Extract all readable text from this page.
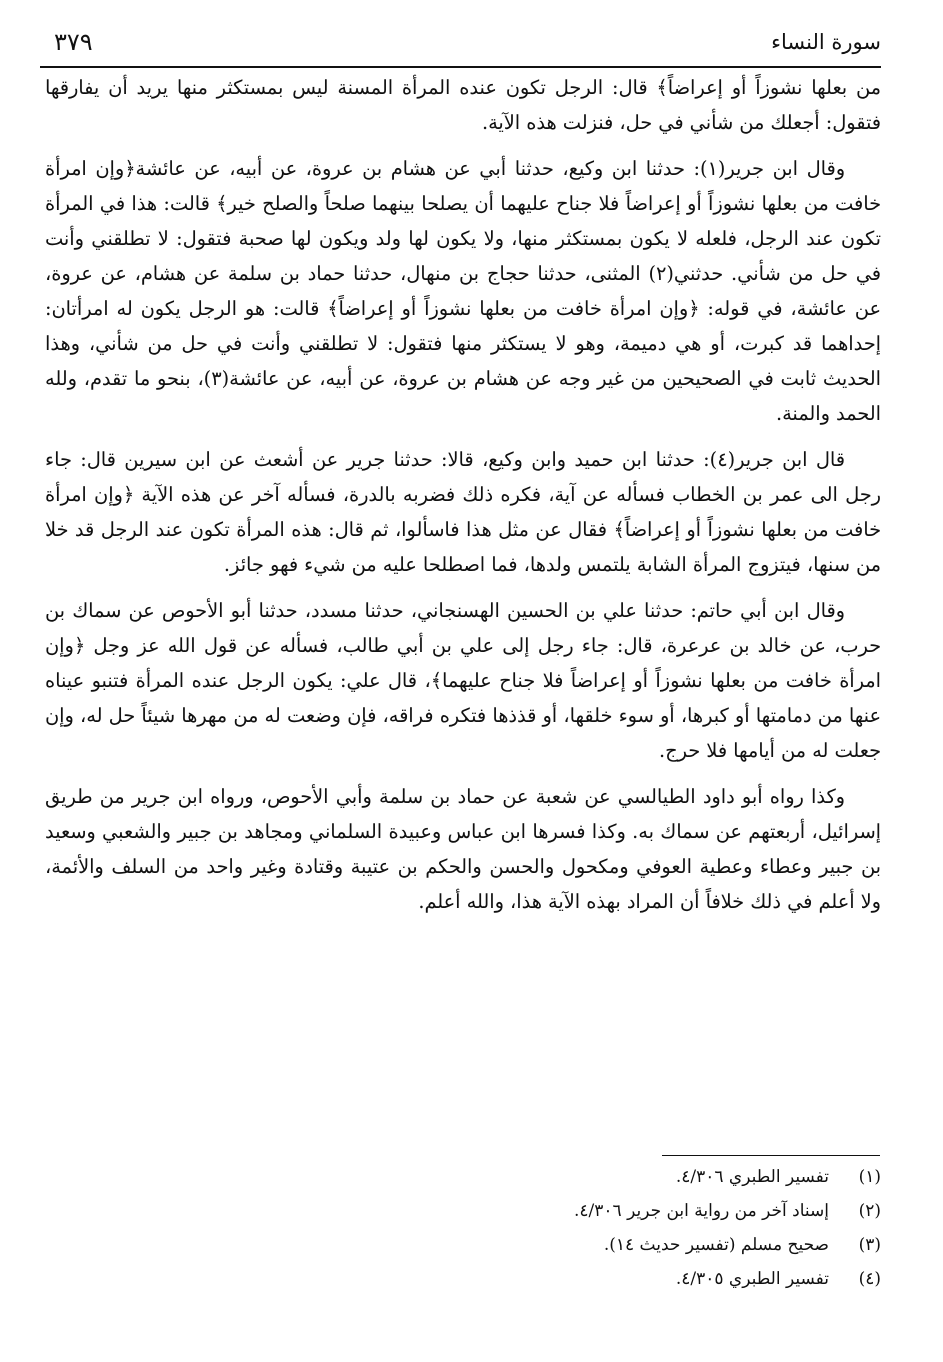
سورة النساء
٣٧٩

من بعلها نشوزاً أو إعراضاً﴾ قال: الرجل تكون عنده المرأة المسنة ليس بمستكثر منها يريد أن يفارقها فتقول: أجعلك من شأني في حل، فنزلت هذه الآية.

وقال ابن جرير(١): حدثنا ابن وكيع، حدثنا أبي عن هشام بن عروة، عن أبيه، عن عائشة﴿وإن امرأة خافت من بعلها نشوزاً أو إعراضاً فلا جناح عليهما أن يصلحا بينهما صلحاً والصلح خير﴾ قالت: هذا في المرأة تكون عند الرجل، فلعله لا يكون بمستكثر منها، ولا يكون لها ولد ويكون لها صحبة فتقول: لا تطلقني وأنت في حل من شأني. حدثني(٢) المثنى، حدثنا حجاج بن منهال، حدثنا حماد بن سلمة عن هشام، عن عروة، عن عائشة، في قوله: ﴿وإن امرأة خافت من بعلها نشوزاً أو إعراضاً﴾ قالت: هو الرجل يكون له امرأتان: إحداهما قد كبرت، أو هي دميمة، وهو لا يستكثر منها فتقول: لا تطلقني وأنت في حل من شأني، وهذا الحديث ثابت في الصحيحين من غير وجه عن هشام بن عروة، عن أبيه، عن عائشة(٣)، بنحو ما تقدم، ولله الحمد والمنة.

قال ابن جرير(٤): حدثنا ابن حميد وابن وكيع، قالا: حدثنا جرير عن أشعث عن ابن سيرين قال: جاء رجل الى عمر بن الخطاب فسأله عن آية، فكره ذلك فضربه بالدرة، فسأله آخر عن هذه الآية ﴿وإن امرأة خافت من بعلها نشوزاً أو إعراضاً﴾ فقال عن مثل هذا فاسألوا، ثم قال: هذه المرأة تكون عند الرجل قد خلا من سنها، فيتزوج المرأة الشابة يلتمس ولدها، فما اصطلحا عليه من شيء فهو جائز.

وقال ابن أبي حاتم: حدثنا علي بن الحسين الهسنجاني، حدثنا مسدد، حدثنا أبو الأحوص عن سماك بن حرب، عن خالد بن عرعرة، قال: جاء رجل إلى علي بن أبي طالب، فسأله عن قول الله عز وجل ﴿وإن امرأة خافت من بعلها نشوزاً أو إعراضاً فلا جناح عليهما﴾، قال علي: يكون الرجل عنده المرأة فتنبو عيناه عنها من دمامتها أو كبرها، أو سوء خلقها، أو قذذها فتكره فراقه، فإن وضعت له من مهرها شيئاً حل له، وإن جعلت له من أيامها فلا حرج.

وكذا رواه أبو داود الطيالسي عن شعبة عن حماد بن سلمة وأبي الأحوص، ورواه ابن جرير من طريق إسرائيل، أربعتهم عن سماك به. وكذا فسرها ابن عباس وعبيدة السلماني ومجاهد بن جبير والشعبي وسعيد بن جبير وعطاء وعطية العوفي ومكحول والحسن والحكم بن عتيبة وقتادة وغير واحد من السلف والأئمة، ولا أعلم في ذلك خلافاً أن المراد بهذه الآية هذا، والله أعلم.

(١)تفسير الطبري ٤/٣٠٦.
(٢)إسناد آخر من رواية ابن جرير ٤/٣٠٦.
(٣)صحيح مسلم (تفسير حديث ١٤).
(٤)تفسير الطبري ٤/٣٠٥.
